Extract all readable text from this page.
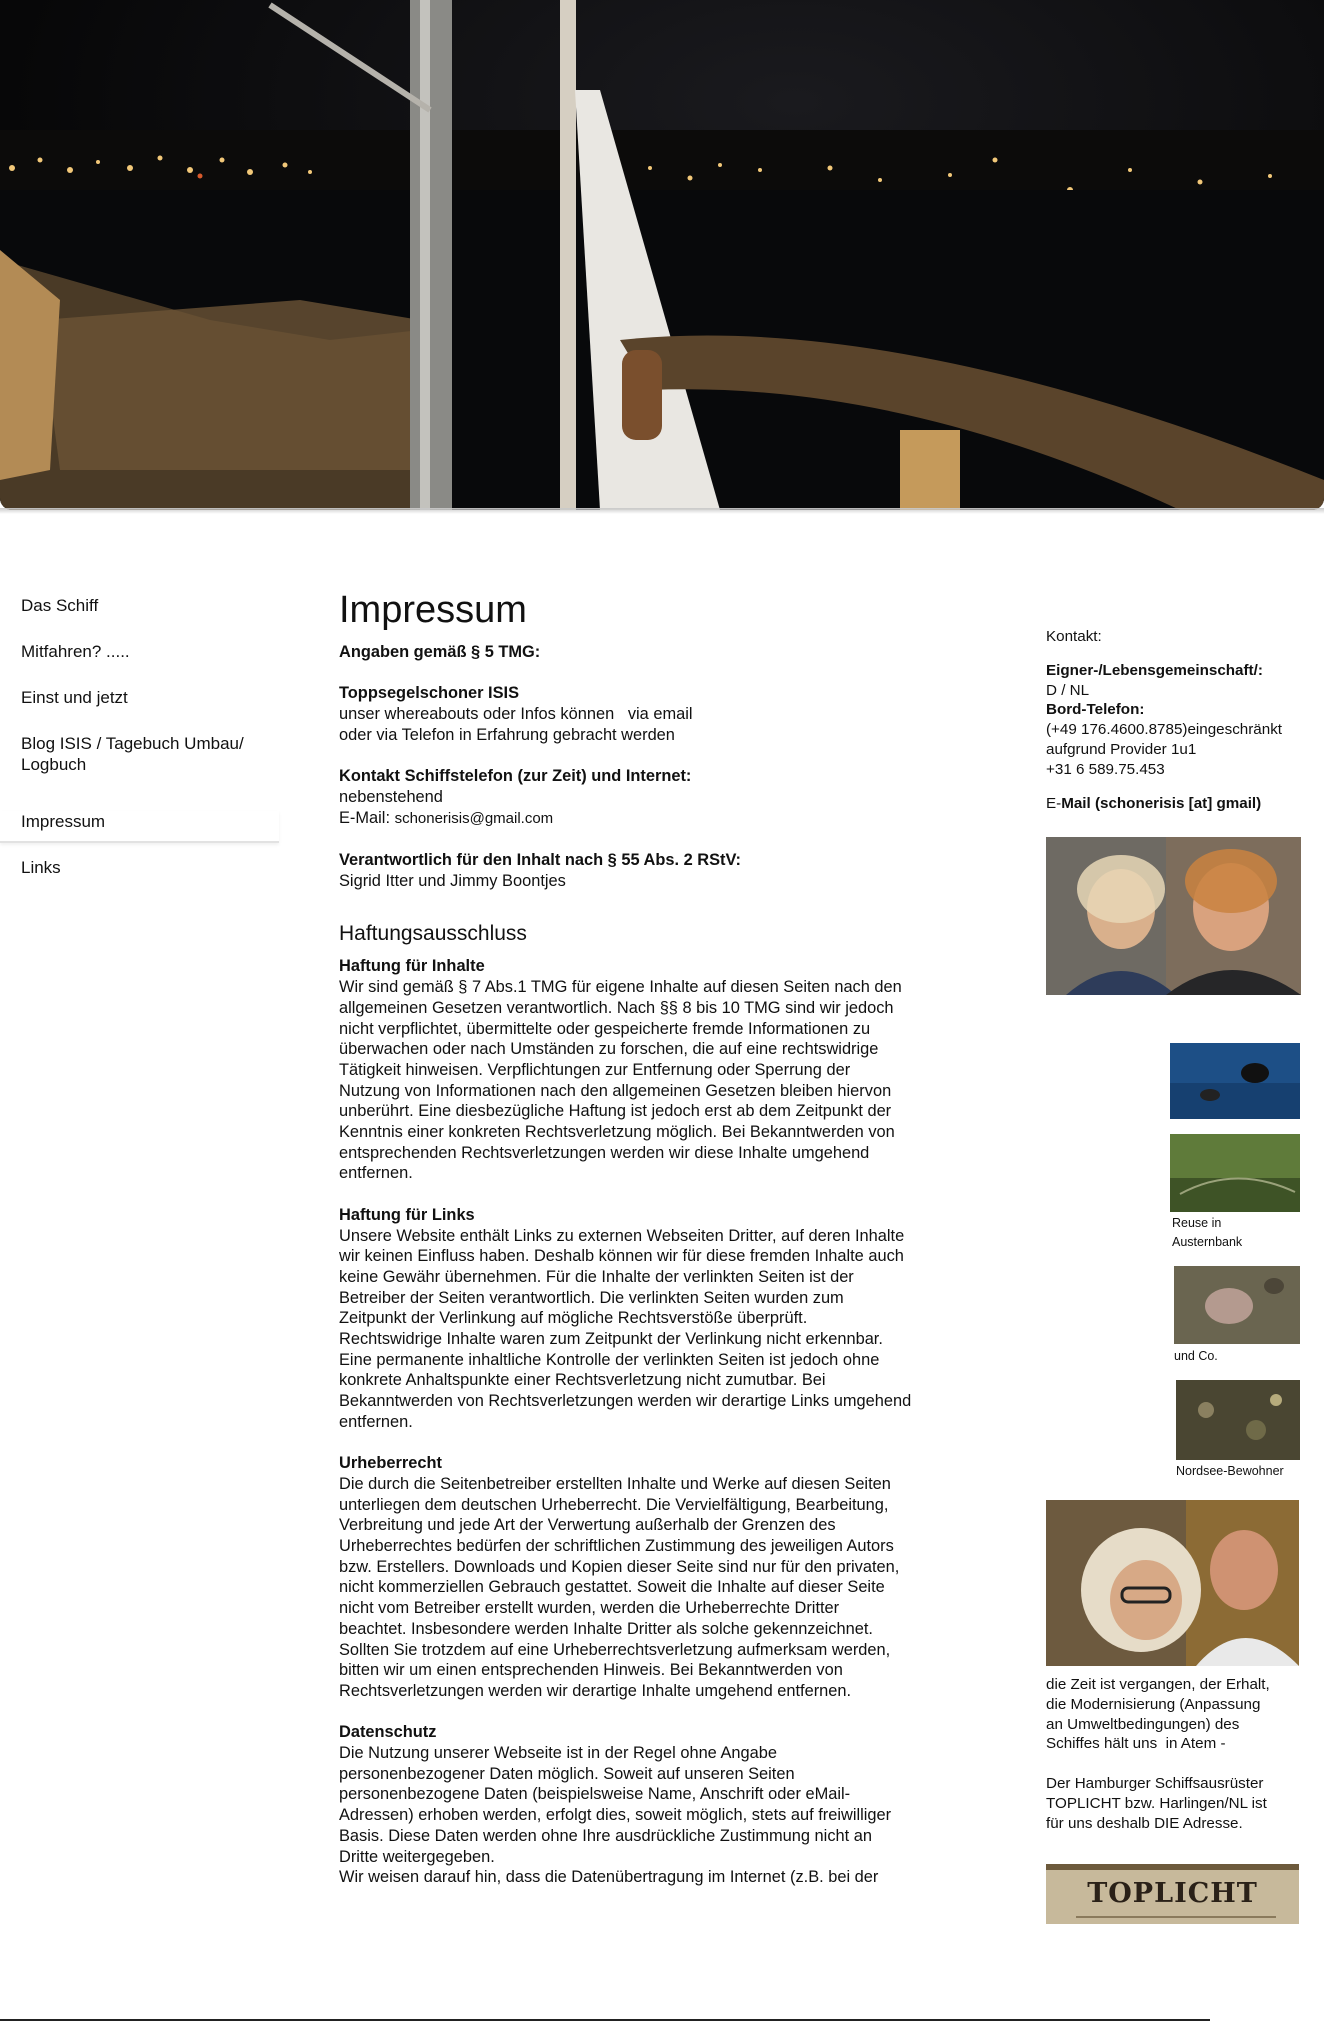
Das Schiff
Mitfahren? .....
Einst und jetzt
Blog ISIS / Tagebuch Umbau/ Logbuch
Impressum
Links
Impressum

Angaben gemäß § 5 TMG:

Toppsegelschoner ISIS

unser whereabouts oder Infos können   via email

oder via Telefon in Erfahrung gebracht werden

Kontakt Schiffstelefon (zur Zeit) und Internet:

nebenstehend

E-Mail: schonerisis@gmail.com

Verantwortlich für den Inhalt nach § 55 Abs. 2 RStV:

Sigrid Itter und Jimmy Boontjes

Haftungsausschluss

Haftung für Inhalte

Wir sind gemäß § 7 Abs.1 TMG für eigene Inhalte auf diesen Seiten nach den

allgemeinen Gesetzen verantwortlich. Nach §§ 8 bis 10 TMG sind wir jedoch

nicht verpflichtet, übermittelte oder gespeicherte fremde Informationen zu

überwachen oder nach Umständen zu forschen, die auf eine rechtswidrige

Tätigkeit hinweisen. Verpflichtungen zur Entfernung oder Sperrung der

Nutzung von Informationen nach den allgemeinen Gesetzen bleiben hiervon

unberührt. Eine diesbezügliche Haftung ist jedoch erst ab dem Zeitpunkt der

Kenntnis einer konkreten Rechtsverletzung möglich. Bei Bekanntwerden von

entsprechenden Rechtsverletzungen werden wir diese Inhalte umgehend

entfernen.

Haftung für Links

Unsere Website enthält Links zu externen Webseiten Dritter, auf deren Inhalte

wir keinen Einfluss haben. Deshalb können wir für diese fremden Inhalte auch

keine Gewähr übernehmen. Für die Inhalte der verlinkten Seiten ist der

Betreiber der Seiten verantwortlich. Die verlinkten Seiten wurden zum

Zeitpunkt der Verlinkung auf mögliche Rechtsverstöße überprüft.

Rechtswidrige Inhalte waren zum Zeitpunkt der Verlinkung nicht erkennbar.

Eine permanente inhaltliche Kontrolle der verlinkten Seiten ist jedoch ohne

konkrete Anhaltspunkte einer Rechtsverletzung nicht zumutbar. Bei

Bekanntwerden von Rechtsverletzungen werden wir derartige Links umgehend

entfernen.

Urheberrecht

Die durch die Seitenbetreiber erstellten Inhalte und Werke auf diesen Seiten

unterliegen dem deutschen Urheberrecht. Die Vervielfältigung, Bearbeitung,

Verbreitung und jede Art der Verwertung außerhalb der Grenzen des

Urheberrechtes bedürfen der schriftlichen Zustimmung des jeweiligen Autors

bzw. Erstellers. Downloads und Kopien dieser Seite sind nur für den privaten,

nicht kommerziellen Gebrauch gestattet. Soweit die Inhalte auf dieser Seite

nicht vom Betreiber erstellt wurden, werden die Urheberrechte Dritter

beachtet. Insbesondere werden Inhalte Dritter als solche gekennzeichnet.

Sollten Sie trotzdem auf eine Urheberrechtsverletzung aufmerksam werden,

bitten wir um einen entsprechenden Hinweis. Bei Bekanntwerden von

Rechtsverletzungen werden wir derartige Inhalte umgehend entfernen.

Datenschutz

Die Nutzung unserer Webseite ist in der Regel ohne Angabe

personenbezogener Daten möglich. Soweit auf unseren Seiten

personenbezogene Daten (beispielsweise Name, Anschrift oder eMail-

Adressen) erhoben werden, erfolgt dies, soweit möglich, stets auf freiwilliger

Basis. Diese Daten werden ohne Ihre ausdrückliche Zustimmung nicht an

Dritte weitergegeben.

Wir weisen darauf hin, dass die Datenübertragung im Internet (z.B. bei der

Kontakt:

Eigner-/Lebensgemeinschaft/:

D / NL

Bord-Telefon:

(+49 176.4600.8785)eingeschränkt

aufgrund Provider 1u1

+31 6 589.75.453

E-Mail (schonerisis [at] gmail)

Reuse in
Austernbank
und Co.
Nordsee-Bewohner
die Zeit ist vergangen, der Erhalt,
die Modernisierung (Anpassung
an Umweltbedingungen) des
Schiffes hält uns  in Atem -
Der Hamburger Schiffsausrüster
TOPLICHT bzw. Harlingen/NL ist
für uns deshalb DIE Adresse.
TOPLICHT
